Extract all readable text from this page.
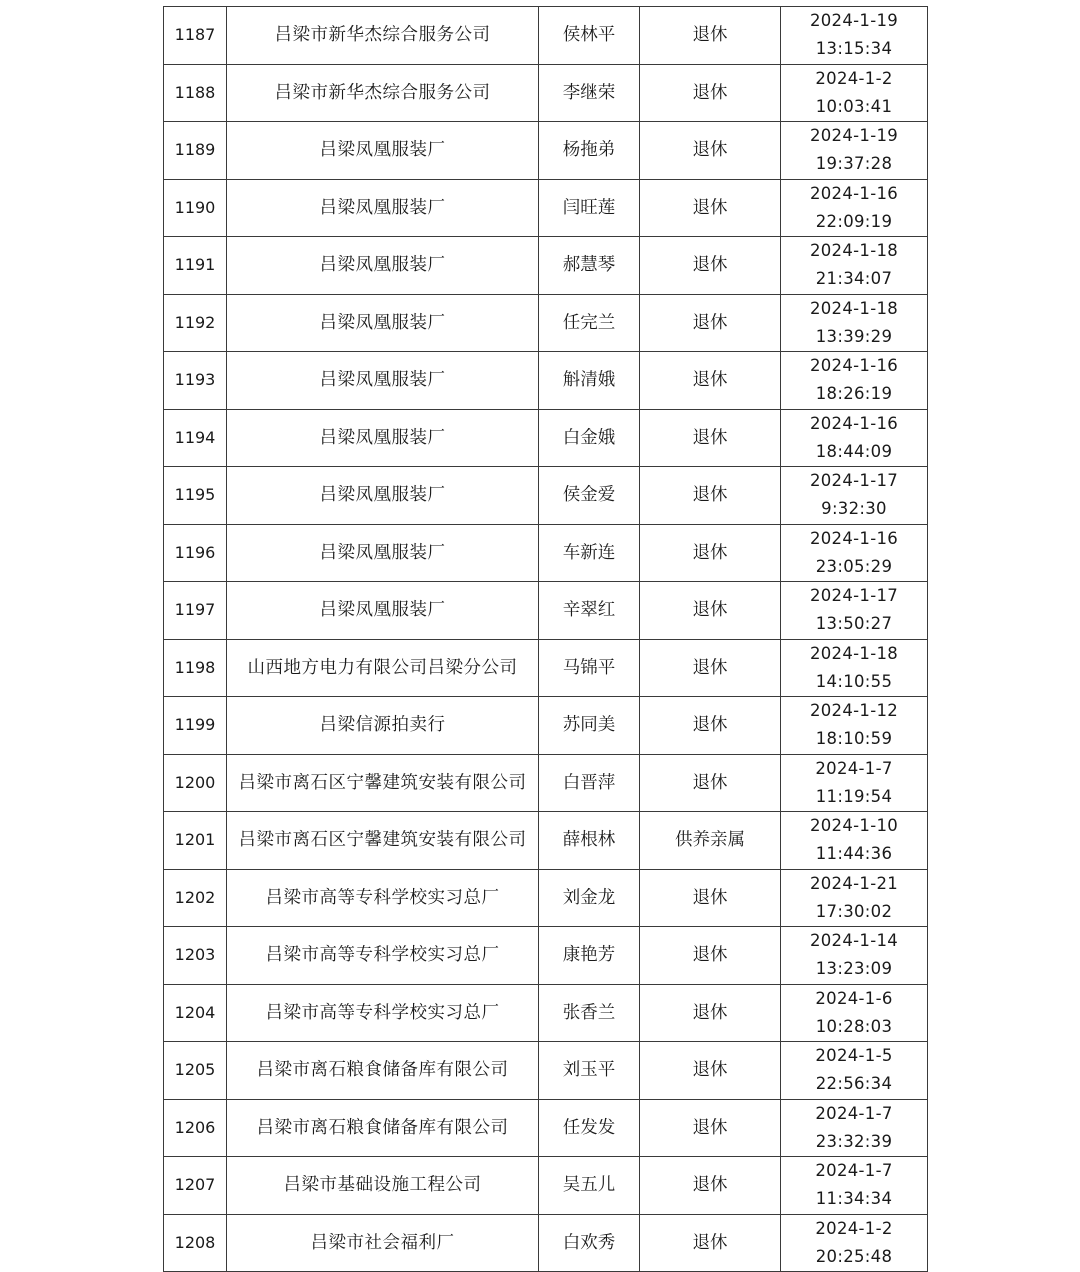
1187	吕梁市新华杰综合服务公司	侯林平	退休	2024-1-19
13:15:34

1188	吕梁市新华杰综合服务公司	李继荣	退休	2024-1-2
10:03:41

1189	吕梁凤凰服装厂	杨拖弟	退休	2024-1-19
19:37:28

1190	吕梁凤凰服装厂	闫旺莲	退休	2024-1-16
22:09:19

1191	吕梁凤凰服装厂	郝慧琴	退休	2024-1-18
21:34:07

1192	吕梁凤凰服装厂	任完兰	退休	2024-1-18
13:39:29

1193	吕梁凤凰服装厂	斛清娥	退休	2024-1-16
18:26:19

1194	吕梁凤凰服装厂	白金娥	退休	2024-1-16
18:44:09

1195	吕梁凤凰服装厂	侯金爱	退休	2024-1-17
9:32:30

1196	吕梁凤凰服装厂	车新连	退休	2024-1-16
23:05:29

1197	吕梁凤凰服装厂	辛翠红	退休	2024-1-17
13:50:27

1198	山西地方电力有限公司吕梁分公司	马锦平	退休	2024-1-18
14:10:55

1199	吕梁信源拍卖行	苏同美	退休	2024-1-12
18:10:59

1200	吕梁市离石区宁馨建筑安装有限公司	白晋萍	退休	2024-1-7
11:19:54

1201	吕梁市离石区宁馨建筑安装有限公司	薛根林	供养亲属	2024-1-10
11:44:36

1202	吕梁市高等专科学校实习总厂	刘金龙	退休	2024-1-21
17:30:02

1203	吕梁市高等专科学校实习总厂	康艳芳	退休	2024-1-14
13:23:09

1204	吕梁市高等专科学校实习总厂	张香兰	退休	2024-1-6
10:28:03

1205	吕梁市离石粮食储备库有限公司	刘玉平	退休	2024-1-5
22:56:34

1206	吕梁市离石粮食储备库有限公司	任发发	退休	2024-1-7
23:32:39

1207	吕梁市基础设施工程公司	吴五儿	退休	2024-1-7
11:34:34

1208	吕梁市社会福利厂	白欢秀	退休	2024-1-2
20:25:48
